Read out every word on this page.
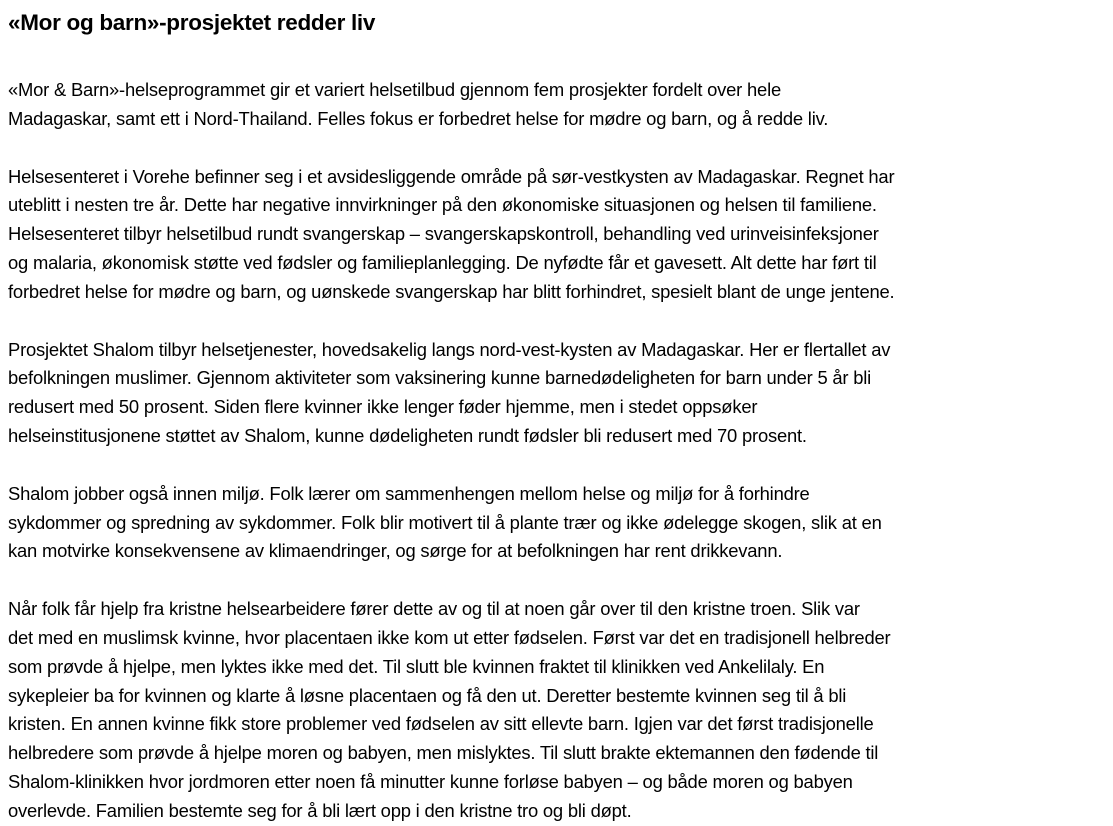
«Mor og barn»-prosjektet redder liv

«Mor & Barn»-helseprogrammet gir et variert helsetilbud gjennom fem prosjekter fordelt over hele
Madagaskar, samt ett i Nord-Thailand. Felles fokus er forbedret helse for mødre og barn, og å redde liv.

Helsesenteret i Vorehe befinner seg i et avsidesliggende område på sør-vestkysten av Madagaskar. Regnet har
uteblitt i nesten tre år. Dette har negative innvirkninger på den økonomiske situasjonen og helsen til familiene.
Helsesenteret tilbyr helsetilbud rundt svangerskap – svangerskapskontroll, behandling ved urinveisinfeksjoner
og malaria, økonomisk støtte ved fødsler og familieplanlegging. De nyfødte får et gavesett. Alt dette har ført til
forbedret helse for mødre og barn, og uønskede svangerskap har blitt forhindret, spesielt blant de unge jentene.

Prosjektet Shalom tilbyr helsetjenester, hovedsakelig langs nord-vest-kysten av Madagaskar. Her er flertallet av
befolkningen muslimer. Gjennom aktiviteter som vaksinering kunne barnedødeligheten for barn under 5 år bli
redusert med 50 prosent. Siden flere kvinner ikke lenger føder hjemme, men i stedet oppsøker
helseinstitusjonene støttet av Shalom, kunne dødeligheten rundt fødsler bli redusert med 70 prosent.

Shalom jobber også innen miljø. Folk lærer om sammenhengen mellom helse og miljø for å forhindre
sykdommer og spredning av sykdommer. Folk blir motivert til å plante trær og ikke ødelegge skogen, slik at en
kan motvirke konsekvensene av klimaendringer, og sørge for at befolkningen har rent drikkevann.

Når folk får hjelp fra kristne helsearbeidere fører dette av og til at noen går over til den kristne troen. Slik var
det med en muslimsk kvinne, hvor placentaen ikke kom ut etter fødselen. Først var det en tradisjonell helbreder
som prøvde å hjelpe, men lyktes ikke med det. Til slutt ble kvinnen fraktet til klinikken ved Ankelilaly. En
sykepleier ba for kvinnen og klarte å løsne placentaen og få den ut. Deretter bestemte kvinnen seg til å bli
kristen. En annen kvinne fikk store problemer ved fødselen av sitt ellevte barn. Igjen var det først tradisjonelle
helbredere som prøvde å hjelpe moren og babyen, men mislyktes. Til slutt brakte ektemannen den fødende til
Shalom-klinikken hvor jordmoren etter noen få minutter kunne forløse babyen – og både moren og babyen
overlevde. Familien bestemte seg for å bli lært opp i den kristne tro og bli døpt.
